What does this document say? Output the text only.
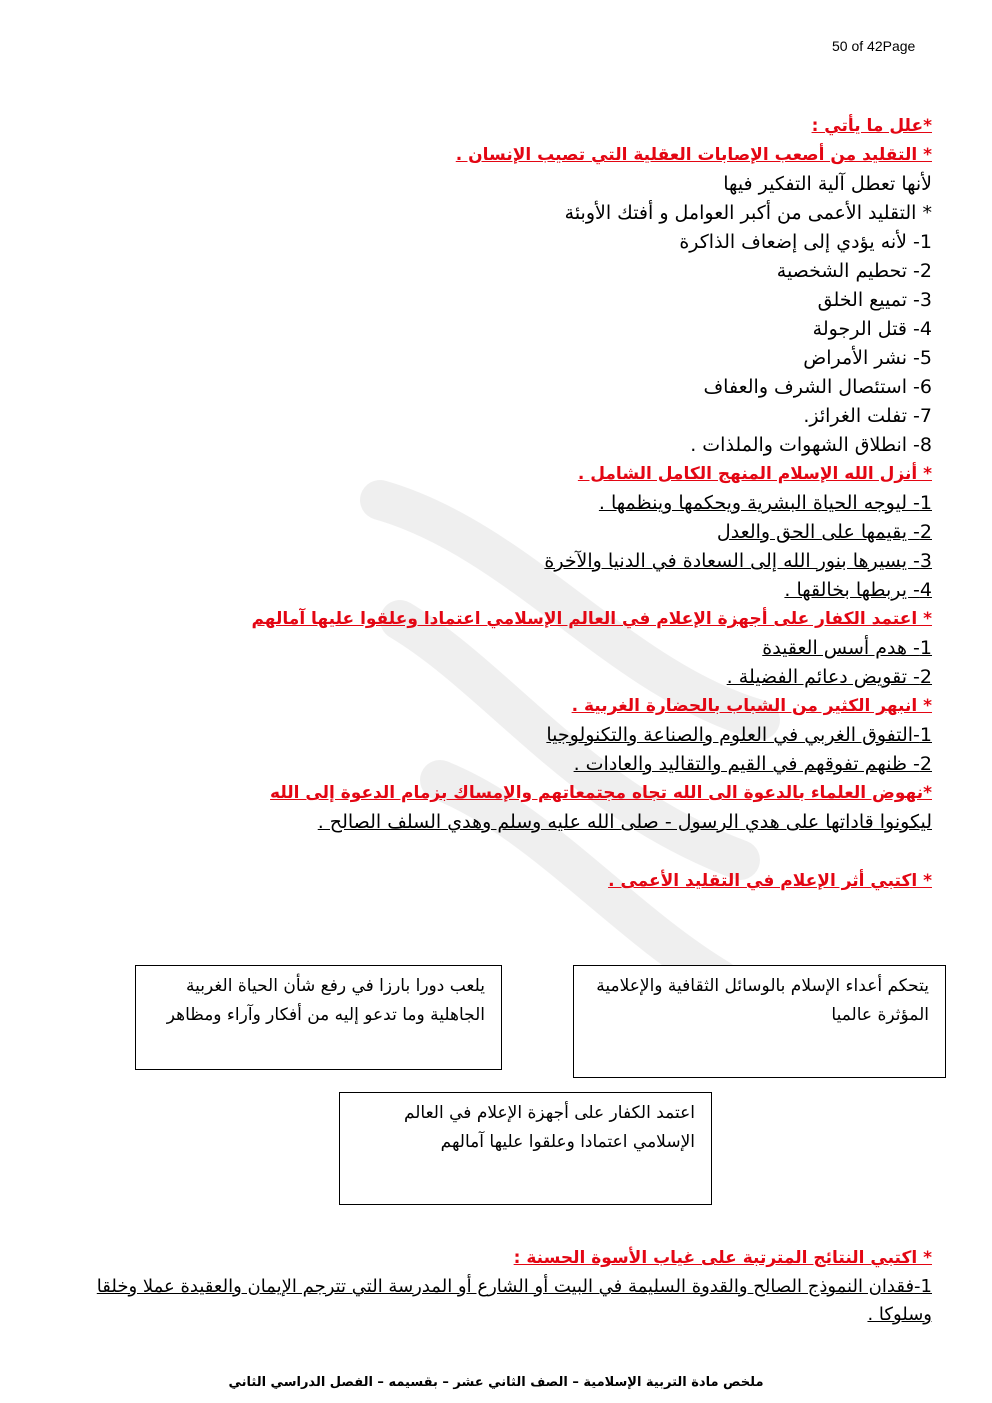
50 of 42Page
*علل ما يأتي :
* التقليد من أصعب الإصابات العقلية التي تصيب الإنسان .
لأنها تعطل آلية التفكير فيها
* التقليد الأعمى من أكبر العوامل و أفتك الأوبئة
1- لأنه يؤدي إلى إضعاف الذاكرة
2- تحطيم الشخصية
3- تمييع الخلق
4- قتل الرجولة
5- نشر الأمراض
6- استئصال الشرف والعفاف
7- تفلت الغرائز.
8- انطلاق الشهوات والملذات .
* أنزل الله الإسلام المنهج الكامل الشامل .
1- ليوجه الحياة البشرية ويحكمها وينظمها .
2- يقيمها على الحق والعدل
3- يسيرها بنور الله إلى السعادة في الدنيا والآخرة
4- يربطها بخالقها .
* اعتمد الكفار على أجهزة الإعلام في العالم الإسلامي اعتمادا وعلقوا عليها آمالهم
1- هدم أسس العقيدة
2- تقويض دعائم الفضيلة .
* انبهر الكثير من الشباب بالحضارة الغربية .
1-التفوق الغربي في العلوم والصناعة والتكنولوجيا
2- ظنهم تفوقهم في القيم والتقاليد والعادات .
*نهوض العلماء بالدعوة الى الله تجاه مجتمعاتهم والإمساك بزمام الدعوة إلى الله
ليكونوا قاداتها على هدي الرسول - صلى الله عليه وسلم وهدي السلف الصالح .
* اكتبي أثر الإعلام في التقليد الأعمى .
يتحكم أعداء الإسلام بالوسائل الثقافية والإعلامية المؤثرة عالميا
يلعب دورا بارزا في رفع شأن الحياة الغربية الجاهلية وما تدعو إليه من أفكار وآراء ومظاهر
اعتمد الكفار على أجهزة الإعلام في العالم الإسلامي اعتمادا وعلقوا عليها آمالهم
* اكتبي النتائج المترتبة على غياب الأسوة الحسنة :
1-فقدان النموذج الصالح والقدوة السليمة في البيت أو الشارع أو المدرسة التي تترجم الإيمان والعقيدة عملا وخلقا وسلوكا .
ملخص مادة التربية الإسلامية – الصف الثاني عشر – بقسيمه – الفصل الدراسي الثاني
